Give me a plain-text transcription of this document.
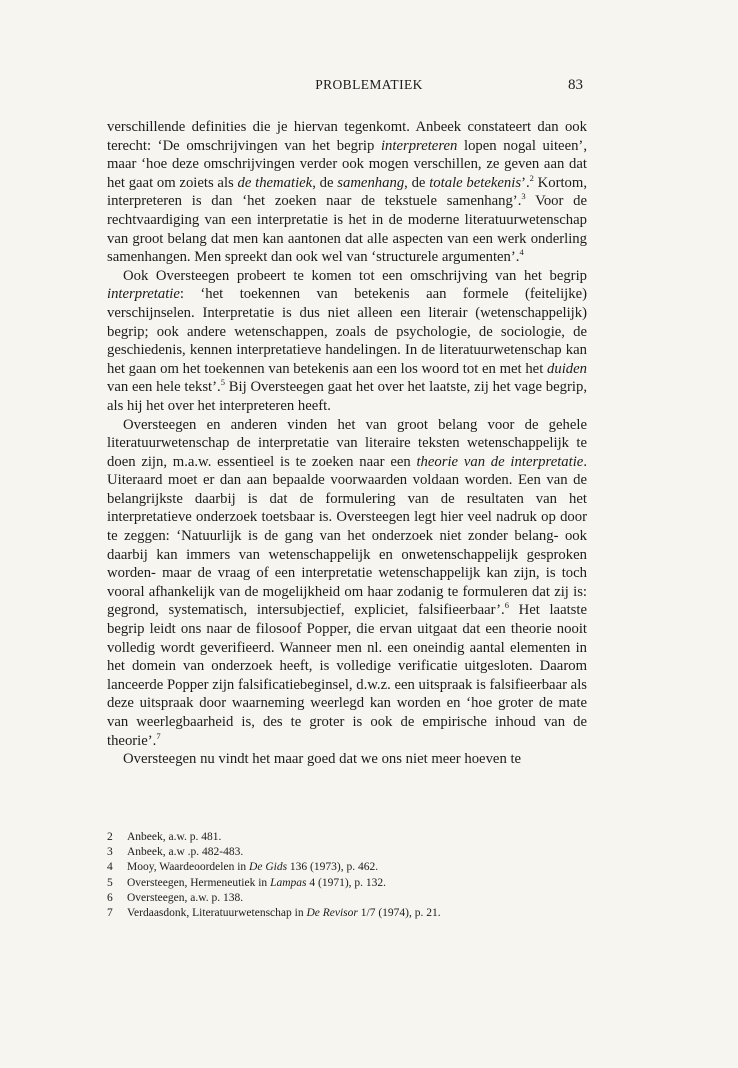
PROBLEMATIEK	83

verschillende definities die je hiervan tegenkomt. Anbeek constateert dan ook terecht: ‘De omschrijvingen van het begrip interpreteren lopen nogal uiteen’, maar ‘hoe deze omschrijvingen verder ook mogen verschillen, ze geven aan dat het gaat om zoiets als de thematiek, de samenhang, de totale betekenis’.$^2$ Kortom, interpreteren is dan ‘het zoeken naar de tekstuele samenhang’.$^3$ Voor de rechtvaardiging van een interpretatie is het in de moderne literatuurwetenschap van groot belang dat men kan aantonen dat alle aspecten van een werk onderling samenhangen. Men spreekt dan ook wel van ‘structurele argumenten’.$^4$

Ook Oversteegen probeert te komen tot een omschrijving van het begrip interpretatie: ‘het toekennen van betekenis aan formele (feitelijke) verschijnselen. Interpretatie is dus niet alleen een literair (wetenschappelijk) begrip; ook andere wetenschappen, zoals de psychologie, de sociologie, de geschiedenis, kennen interpretatieve handelingen. In de literatuurwetenschap kan het gaan om het toekennen van betekenis aan een los woord tot en met het duiden van een hele tekst’.$^5$ Bij Oversteegen gaat het over het laatste, zij het vage begrip, als hij het over het interpreteren heeft.

Oversteegen en anderen vinden het van groot belang voor de gehele literatuurwetenschap de interpretatie van literaire teksten wetenschappelijk te doen zijn, m.a.w. essentieel is te zoeken naar een theorie van de interpretatie. Uiteraard moet er dan aan bepaalde voorwaarden voldaan worden. Een van de belangrijkste daarbij is dat de formulering van de resultaten van het interpretatieve onderzoek toetsbaar is. Oversteegen legt hier veel nadruk op door te zeggen: ‘Natuurlijk is de gang van het onderzoek niet zonder belang- ook daarbij kan immers van wetenschappelijk en onwetenschappelijk gesproken worden- maar de vraag of een interpretatie wetenschappelijk kan zijn, is toch vooral afhankelijk van de mogelijkheid om haar zodanig te formuleren dat zij is: gegrond, systematisch, intersubjectief, expliciet, falsifieerbaar’.$^6$ Het laatste begrip leidt ons naar de filosoof Popper, die ervan uitgaat dat een theorie nooit volledig wordt geverifieerd. Wanneer men nl. een oneindig aantal elementen in het domein van onderzoek heeft, is volledige verificatie uitgesloten. Daarom lanceerde Popper zijn falsificatiebeginsel, d.w.z. een uitspraak is falsifieerbaar als deze uitspraak door waarneming weerlegd kan worden en ‘hoe groter de mate van weerlegbaarheid is, des te groter is ook de empirische inhoud van de theorie’.$^7$

Oversteegen nu vindt het maar goed dat we ons niet meer hoeven te

2	Anbeek, a.w. p. 481.
3	Anbeek, a.w .p. 482-483.
4	Mooy, Waardeoordelen in De Gids 136 (1973), p. 462.
5	Oversteegen, Hermeneutiek in Lampas 4 (1971), p. 132.
6	Oversteegen, a.w. p. 138.
7	Verdaasdonk, Literatuurwetenschap in De Revisor 1/7 (1974), p. 21.
